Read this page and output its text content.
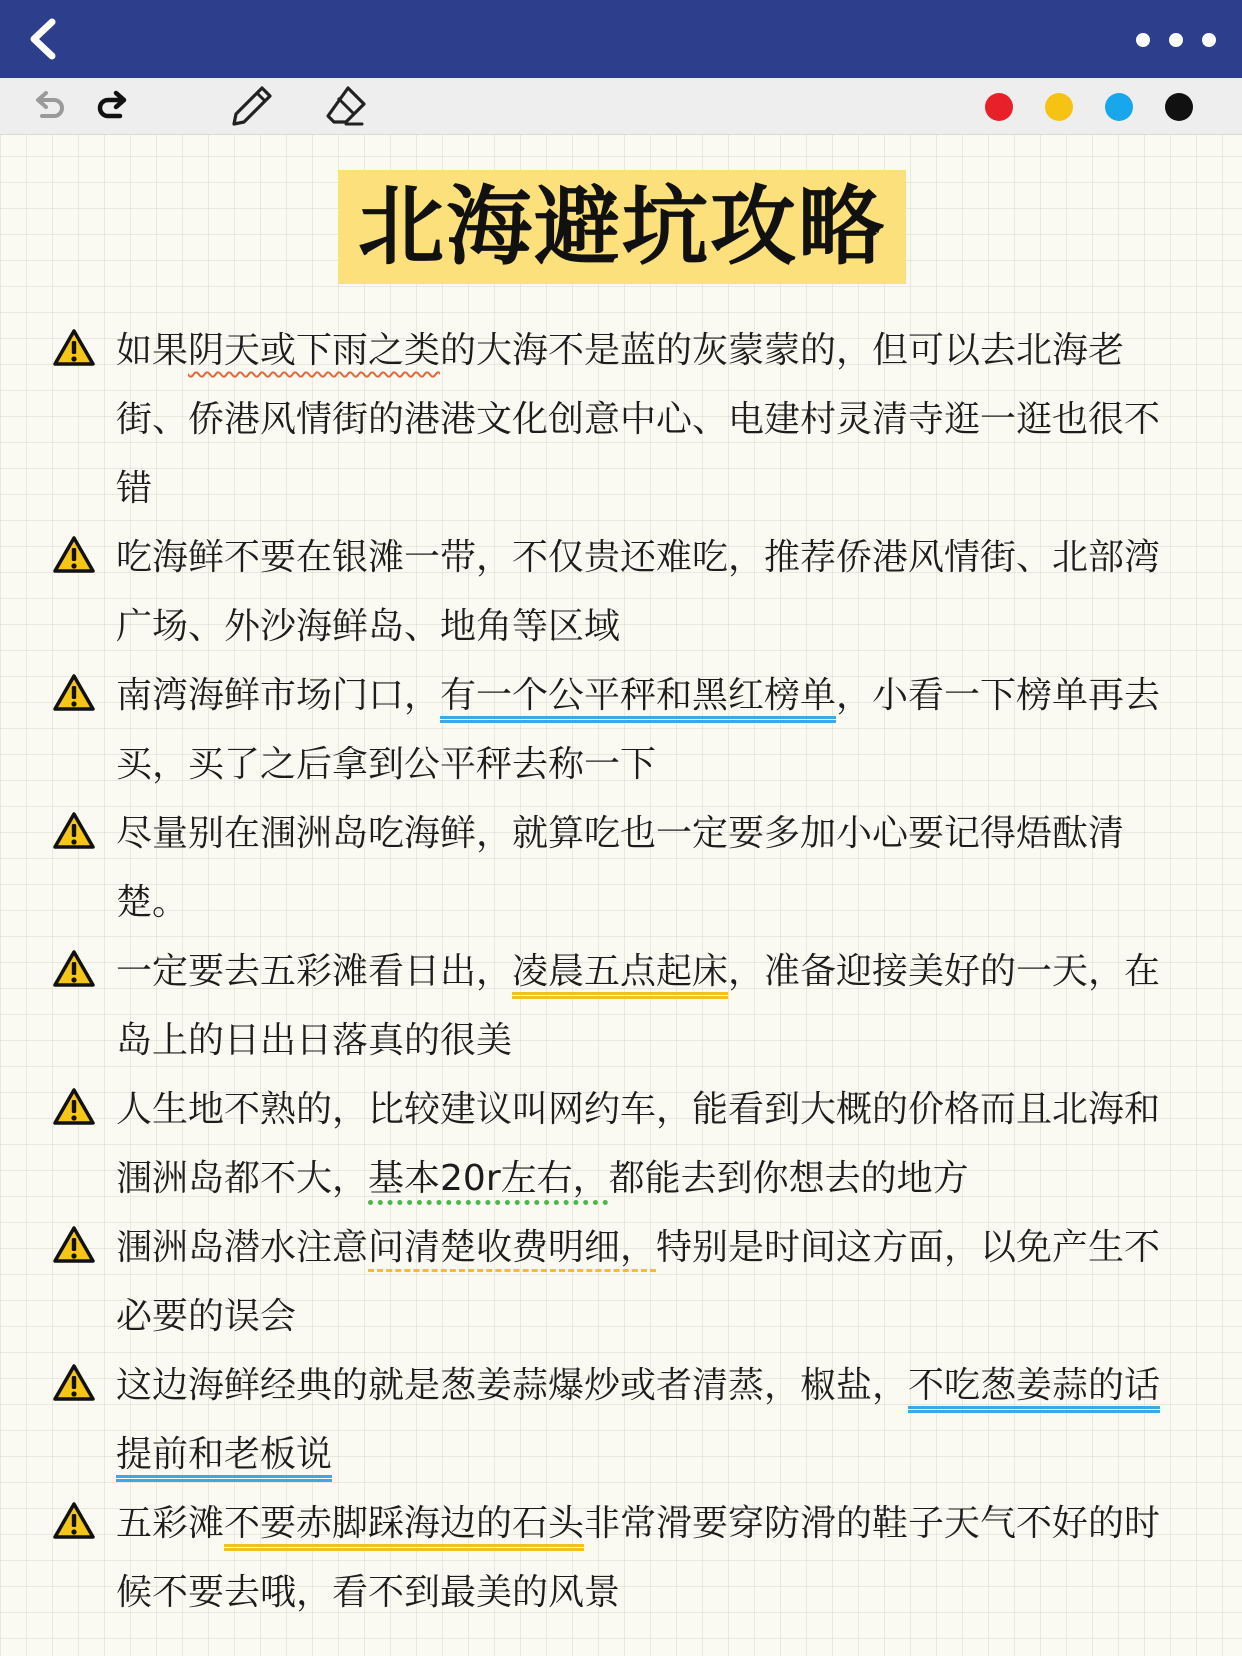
北海避坑攻略
如果阴天或下雨之类的大海不是蓝的灰蒙蒙的，但可以去北海老街、侨港风情街的港港文化创意中心、电建村灵清寺逛一逛也很不错
吃海鲜不要在银滩一带，不仅贵还难吃，推荐侨港风情街、北部湾广场、外沙海鲜岛、地角等区域
南湾海鲜市场门口，有一个公平秤和黑红榜单，小看一下榜单再去买，买了之后拿到公平秤去称一下
尽量别在涠洲岛吃海鲜，就算吃也一定要多加小心要记得焐酞清楚。
一定要去五彩滩看日出，凌晨五点起床，准备迎接美好的一天，在岛上的日出日落真的很美
人生地不熟的，比较建议叫网约车，能看到大概的价格而且北海和涠洲岛都不大，基本20r左右，都能去到你想去的地方
涠洲岛潜水注意问清楚收费明细，特别是时间这方面，以免产生不必要的误会
这边海鲜经典的就是葱姜蒜爆炒或者清蒸，椒盐，不吃葱姜蒜的话提前和老板说
五彩滩不要赤脚踩海边的石头非常滑要穿防滑的鞋子天气不好的时候不要去哦，看不到最美的风景
